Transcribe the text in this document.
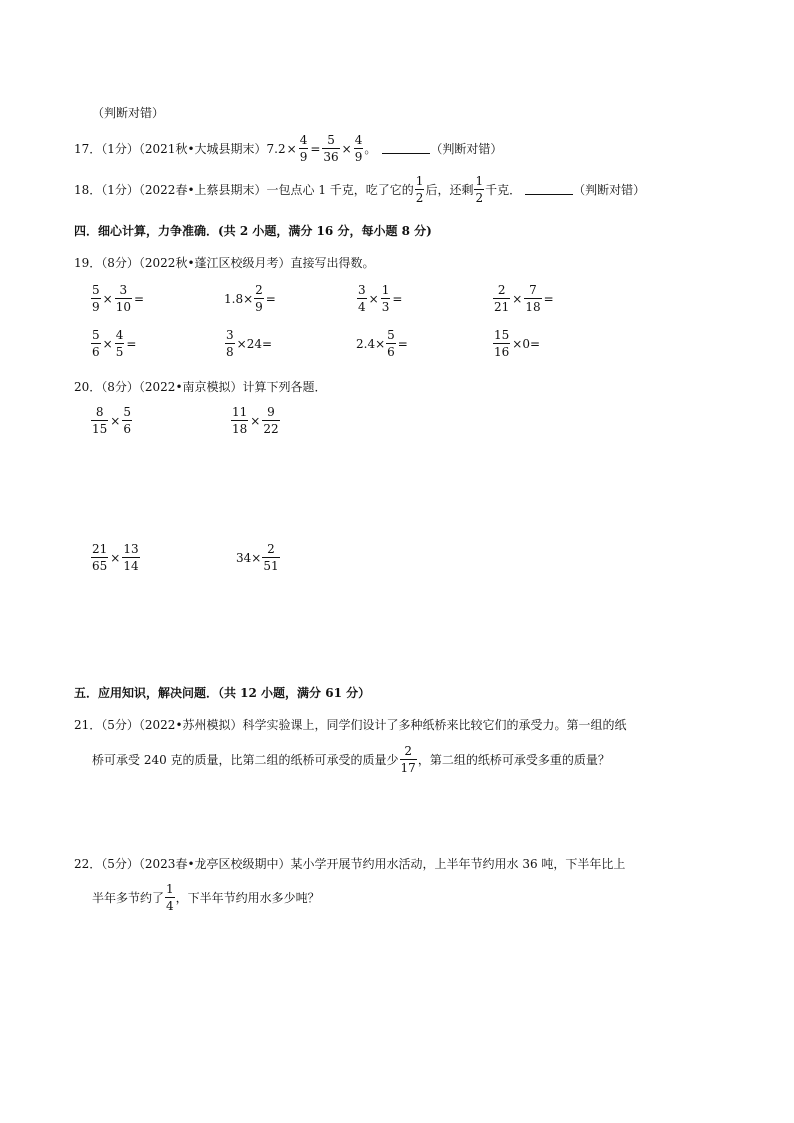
（判断对错）
17．（1分）（2021秋•大城县期末） $7.2 \times \frac{4}{9} = \frac{5}{36} \times \frac{4}{9}$ 。	（判断对错）
18．（1分）（2022春•上蔡县期末）一包点心 1 千克，吃了它的 $\frac{1}{2}$ 后，还剩 $\frac{1}{2}$ 千克．	（判断对错）
四．细心计算，力争准确．(共 2 小题，满分 16 分，每小题 8 分)
19．（8分）（2022秋•蓬江区校级月考）直接写出得数。
$\frac{5}{9} \times \frac{3}{10}$ =	$1.8\times \frac{2}{9}$ =	$\frac{3}{4} \times \frac{1}{3}$ =	$\frac{2}{21} \times \frac{7}{18}$ =
$\frac{5}{6} \times \frac{4}{5}$ =	$\frac{3}{8} \times 24=$	$2.4\times \frac{5}{6}$ =	$\frac{15}{16} \times 0=$
20．（8分）（2022•南京模拟）计算下列各题．
$\frac{8}{15} \times \frac{5}{6}$	$\frac{11}{18} \times \frac{9}{22}$
$\frac{21}{65} \times \frac{13}{14}$	$34\times \frac{2}{51}$
五．应用知识，解决问题．（共 12 小题，满分 61 分）
21．（5分）（2022•苏州模拟）科学实验课上，同学们设计了多种纸桥来比较它们的承受力。第一组的纸
桥可承受 240 克的质量，比第二组的纸桥可承受的质量少 $\frac{2}{17}$ ，第二组的纸桥可承受多重的质量？
22．（5分）（2023春•龙亭区校级期中）某小学开展节约用水活动，上半年节约用水 36 吨，下半年比上
半年多节约了 $\frac{1}{4}$ ，下半年节约用水多少吨？
